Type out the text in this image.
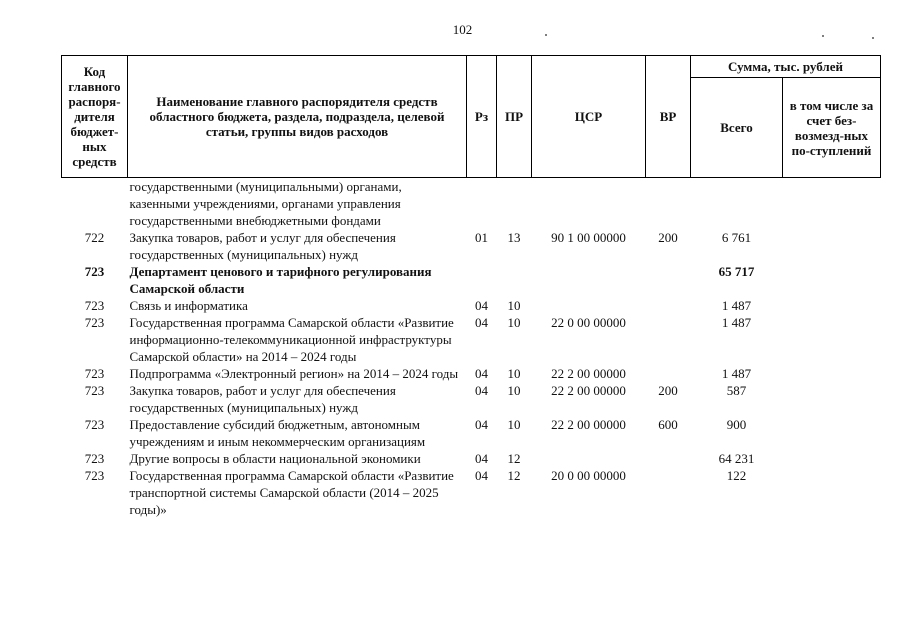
102
Код главного распоря-дителя бюджет-ных средств	Наименование главного распорядителя средств областного бюджета, раздела, подраздела, целевой статьи, группы видов расходов	Рз	ПР	ЦСР	ВР	Сумма, тыс. рублей	
						Всего	в том числе за счет без-возмезд-ных по-ступлений
	государственными (муниципальными) органами, казенными учреждениями, органами управления государственными внебюджетными фондами						
722	Закупка товаров, работ и услуг для обеспечения государственных (муниципальных) нужд	01	13	90 1 00 00000	200	6 761	
723	Департамент ценового и тарифного регулирования Самарской области					65 717	
723	Связь и информатика	04	10			1 487	
723	Государственная программа Самарской области «Развитие информационно-телекоммуникационной инфраструктуры Самарской области» на 2014 – 2024 годы	04	10	22 0 00 00000		1 487	
723	Подпрограмма «Электронный регион» на 2014 – 2024 годы	04	10	22 2 00 00000		1 487	
723	Закупка товаров, работ и услуг для обеспечения государственных (муниципальных) нужд	04	10	22 2 00 00000	200	587	
723	Предоставление субсидий бюджетным, автономным учреждениям и иным некоммерческим организациям	04	10	22 2 00 00000	600	900	
723	Другие вопросы в области национальной экономики	04	12			64 231	
723	Государственная программа Самарской области «Развитие транспортной системы Самарской области (2014 – 2025 годы)»	04	12	20 0 00 00000		122	
